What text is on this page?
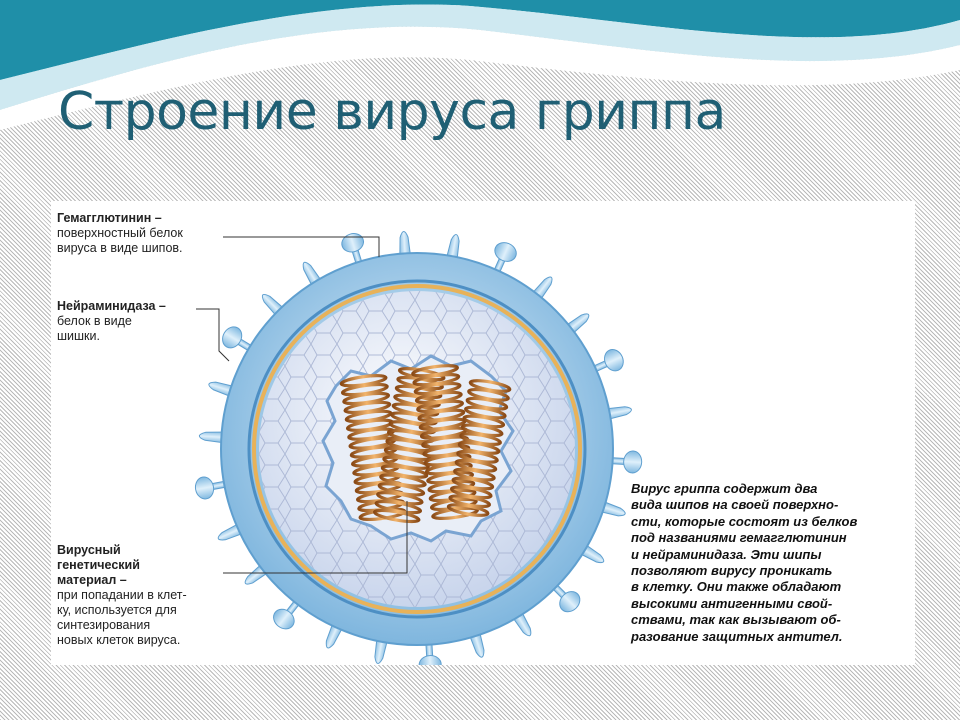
Строение вируса гриппа

Гемагглютинин –
поверхностный белок
вируса в виде шипов.

Нейраминидаза –
белок в виде
шишки.

Вирусный
генетический
материал –
при попадании в клет-
ку, используется для
синтезирования
новых клеток вируса.

Вирус гриппа содержит два
вида шипов на своей поверхно-
сти, которые состоят из белков
под названиями гемагглютинин
и нейраминидаза. Эти шипы
позволяют вирусу проникать
в клетку. Они также обладают
высокими антигенными свой-
ствами, так как вызывают об-
разование защитных антител.
